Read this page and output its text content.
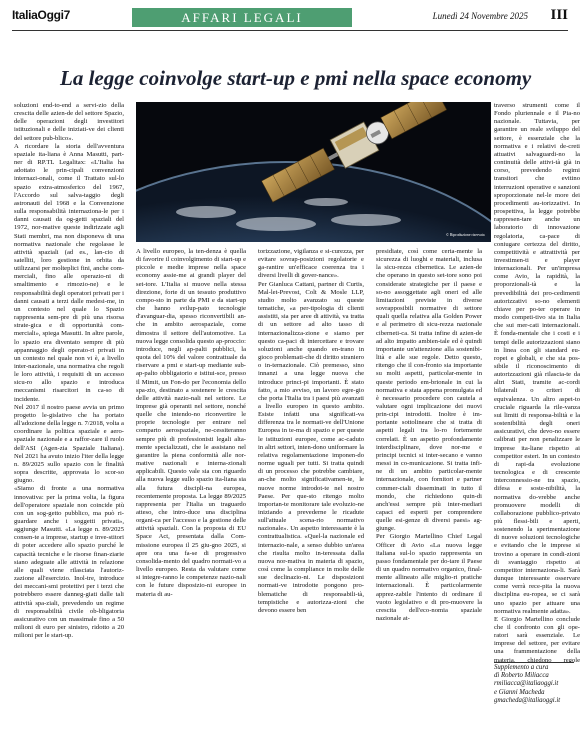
ItaliaOggi7	AFFARI LEGALI	Lunedì 24 Novembre 2025 III
La legge coinvolge start-up e pmi nella space economy

soluzioni end-to-end a servi-zio della crescita delle azien-de del settore Spazio, delle operazioni degli investitori istituzionali e delle iniziati-ve dei clienti del settore pub-blico».

A ricordare la storia dell'avventura spaziale ita-liana è Anna Masutti, part-ner di RP.TL Legalitax: «L'Italia ha adottato le prin-cipali convenzioni internazi-onali, come il Trattato sul-lo spazio extra-atmosferico del 1967, l'Accordo sul salva-taggio degli astronauti del 1968 e la Convenzione sulla responsabilità internaziona-le per i danni causati da og-getti spaziali del 1972, nor-mative queste indirizzate agli Stati membri, ma non disponeva di una normativa nazionale che regolasse le attività spaziali (ad es., lan-cio di satelliti, loro gestione in orbita da utilizzarsi per molteplici fini, anche com-merciali, fino alle operazio-ni di smaltimento e rimozio-ne) e le responsabilità degli operatori privati per i danni causati a terzi dalle medesi-me, in un contesto nel quale lo Spazio rappresenta sem-pre di più una risorsa strate-gica e di opportunità com-merciali», spiega Masutti. In altre parole, lo spazio era diventato sempre di più appannaggio degli operato-ri privati in un contesto nel quale non vi è, a livello inter-nazionale, una normativa che regoli le loro attività, i requisiti di un accesso sicu-ro allo spazio e introduca meccanismi risarcitori in ca-so di incidente.

Nel 2017 il nostro paese avvia un primo progetto le-gislativo che ha portato all'adozione della legge n. 7/2018, volta a coordinare la politica spaziale e aero-spaziale nazionale e a raffor-zare il ruolo dell'ASI (Agen-zia Spaziale Italiana). Nel 2021 ha avuto inizio l'iter della legge n. 89/2025 sullo spazio con le finalità sopra descritte, approvata lo scor-so giugno.

«Siamo di fronte a una normativa innovativa: per la prima volta, la figura dell'operatore spaziale non coincide più con un sog-getto pubblico, ma può ri-guardare anche i soggetti privati», aggiunge Masutti. «La legge n. 89/2025 consen-te a imprese, startup e inve-stitori di poter accedere allo spazio purché le capacità tecniche e le risorse finan-ziarie siano adeguate alle attività in relazione alle quali viene rilasciata l'autoriz-zazione all'esercizio. Inol-tre, introduce dei meccani-smi protettivi per i terzi che potrebbero essere danneg-giati dalle tali attività spa-ziali, prevedendo un regime di responsabilità civile ob-bligatoria assicurativo con un massimale fino a 50 milioni di euro per sinistro, ridotto a 20 milioni per le start-up.

© Riproduzione riservata

A livello europeo, la ten-denza è quella di favorire il coinvolgimento di start-up e piccole e medie imprese nella space economy assie-me ai grandi player del set-tore. L'Italia si muove nella stessa direzione, forte di un tessuto produttivo compo-sto in parte da PMI e da start-up che hanno svilup-pato tecnologie d'avanguar-dia, spesso riconvertibili an-che in ambito aerospaziale, come dimostra il settore dell'automotive. La nuova legge consolida questo ap-proccio: introduce, negli ap-palti pubblici, la quota del 10% del valore contrattuale da riservare a pmi e start-up mediante sub-ap-palto obbligatorio e istitui-sce, presso il Mimit, un Fon-do per l'economia dello spa-zio, destinato a sostenere le crescita delle attività nazio-nali nel settore. Le imprese già operanti nel settore, nonché quelle che intendo-no riconvertire le proprie tecnologie per entrare nel comparto aerospaziale, ne-cessiteranno sempre più di professionisti legali alta-mente specializzati, che le assistano nel garantire la piena conformità alle nor-mative nazionali e interna-zionali applicabili. Questo vale sia con riguardo alla nuova legge sullo spazio ita-liana sia alla futura discipli-na europea, recentemente proposta. La legge 89/2025 rappresenta per l'Italia un traguardo atteso, che intro-duce una disciplina organi-ca per l'accesso e la gestione delle attività spaziali. Con la proposta di EU Space Act, presentata dalla Com-missione europea il 25 giu-gno 2025, si apre ora una fa-se di progressivo consolida-mento del quadro normati-vo a livello europeo. Resta da valutare come si integre-ranno le competenze nazio-nali con le future disposizio-ni europee in materia di au-

torizzazione, vigilanza e si-curezza, per evitare sovrap-posizioni regolatorie e ga-rantire un'efficace coerenza tra i diversi livelli di gover-nance».

Per Gianluca Cattani, partner di Curtis, Mal-let-Prevost, Colt & Mosle LLP, studio molto avanzato su queste tematiche, «a per-tipologia di clienti assistiti, sia per aree di attività, va tratta di un settore ad alto tasso di internazionalizza-zione e siamo per questo ca-paci di intercettare e trovare soluzioni anche quando en-trano in gioco problemati-che di diritto straniero o in-ternazionale. Ciò premesso, sino innanzi a una legge nuova che introduce princi-pi importanti. È stato fatto, a mio avviso, un lavoro egre-gio che porta l'Italia tra i paesi più avanzati a livello europeo in questo ambito. Esiste infatti una significati-va differenza tra le normati-ve dell'Unione Europea in te-ma di spazio e per queste le istituzioni europee, come ac-caduto in altri settori, inten-dono uniformare la relativa regolamentazione imponen-do norme uguali per tutti. Si tratta quindi di un processo che potrebbe cambiare, an-che molto significativamen-te, le nuove norme introdot-te nel nostro Paese. Per que-sto ritengo molto importan-te monitorare tale evoluzio-ne iniziando a prevederne le ricadute sull'attuale scena-rio normativo nazionale». Un aspetto interessante è la contrattualistica. «Quel-la nazionale ed internazio-nale, a senso dubbio un'area che risulta molto in-teressata dalla nuova nor-mativa in materia di spazio, così come la compliance in molte delle sue declinazio-ni. Le disposizioni normati-ve introdotte pongono pro-blematiche di responsabili-tà, tempistiche e autorizza-zioni che devono essere ben

presidiate, così come certa-mente la sicurezza di luoghi e materiali, inclusa la sicu-rezza cibernetica. Le azien-de che operano in questo set-tore sono poi considerate strategiche per il paese e so-no assoggettate agli oneri ed alle limitazioni previste in diverse sovrapposibili normative di settore quali quella relativa alla Golden Power e al perimetro di sicu-rezza nazionale ciberneti-ca. Si tratta infine di azien-de ad alto impatto ambien-tale ed è quindi importante un'attenzione alla sostenibi-lità e alle sue regole. Detto questo, ritengo che il con-fronto sia importante su molti aspetti, particolar-mente in queste periodo em-brionale in cui la normativa e stata appena promulgata ed è necessario procedere con cautela a valutare ogni implicazione dei nuovi prin-cipi introdotti. Inoltre è im-portante sottolineare che si tratta di aspetti legali tra lo-ro fortemente correlati. È un aspetto profondamente interdisciplinare, dove nor-me e principi tecnici si inter-secano e vanno messi in co-municazione. Si tratta infi-ne di un ambito particolar-mente internazionale, con fornitori e partner commer-ciali disseminati in tutto il mondo, che richiedono quin-di anch'essi sempre più inter-mediari capaci ed esperti per comprendere quelle esi-genze di diversi paesi» ag-giunge.

Per Giorgio Martellino Chief Legal Officer di Avio «La nuova legge italiana sul-lo spazio rappresenta un passo fondamentale per do-tare il Paese di un quadro normativo organico, final-mente allineato alle miglio-ri pratiche internazionali. È particolarmente apprez-zabile l'intento di ordinare il vuoto legislativo e di pro-muovere la crescita dell'eco-nomia spaziale nazionale at-

traverso strumenti come il Fondo pluriennale e il Pia-no nazionale. Tuttavia, per garantire un reale sviluppo del settore, è essenziale che la normativa e i relativi de-creti attuativi salvaguardi-no la continuità delle attivi-tà già in corso, prevedendo regimi transitori che evitino interruzioni operative e sanzioni sproporzionate nel-le more dei procedimenti au-torizzativi. In prospettiva, la legge potrebbe rappresen-tare anche un laboratorio di innovazione regolatoria, ca-pace di coniugare certezza del diritto, competitività e attrattività per investimen-ti e player internazionali. Per un'impresa come Avio, la rapidità, la proporzionali-tà e la prevedibilità dei pro-cedimenti autorizzativi so-no elementi chiave per po-ter operare in modo competi-tivo sia in Italia che sui mer-cati internazionali. È fonda-mentale che i costi e i tempi delle autorizzazioni siano in linea con gli standard eu-ropei e globali, e che sia pos-sibile il riconoscimento di autorizzazioni già rilascia-te da altri Stati, tramite ac-cordi bilaterali o criteri di equivalenza. Un altro aspet-to cruciale riguarda la rile-vanza sui limiti di responsa-bilità e la sostenibilità degli oneri assicurativi, che devo-no essere calibrati per non penalizzare le imprese ita-liane rispetto ai competitor esteri. In un contesto di rapi-da evoluzione tecnologica e di crescente interconnessio-ne tra spazio, difesa e soste-nibilità, la normativa do-vrebbe anche promuovere modelli di collaborazione pubblico-privato più flessi-bili e aperti, sostenendo la sperimentazione di nuove soluzioni tecnologiche e evitando che le imprese si trovino a operare in condi-zioni di svantaggio rispetto ai competitor internaziona-li. Sarà dunque interessante osservare come verrà rece-pita la nuova disciplina eu-ropea, se ci sarà uno spazio per attuare una normativa realmente adatta».

E Giorgio Martellino conclude che il confronto con gli ope-ratori sarà essenziale. Le imprese del settore, per evitare una frammentazione della materia, chiedono regole

Supplemento a cura
di Roberto Miliacca
rmiliacca@italiaoggi.it
e Gianni Macheda
gmacheda@italiaoggi.it
